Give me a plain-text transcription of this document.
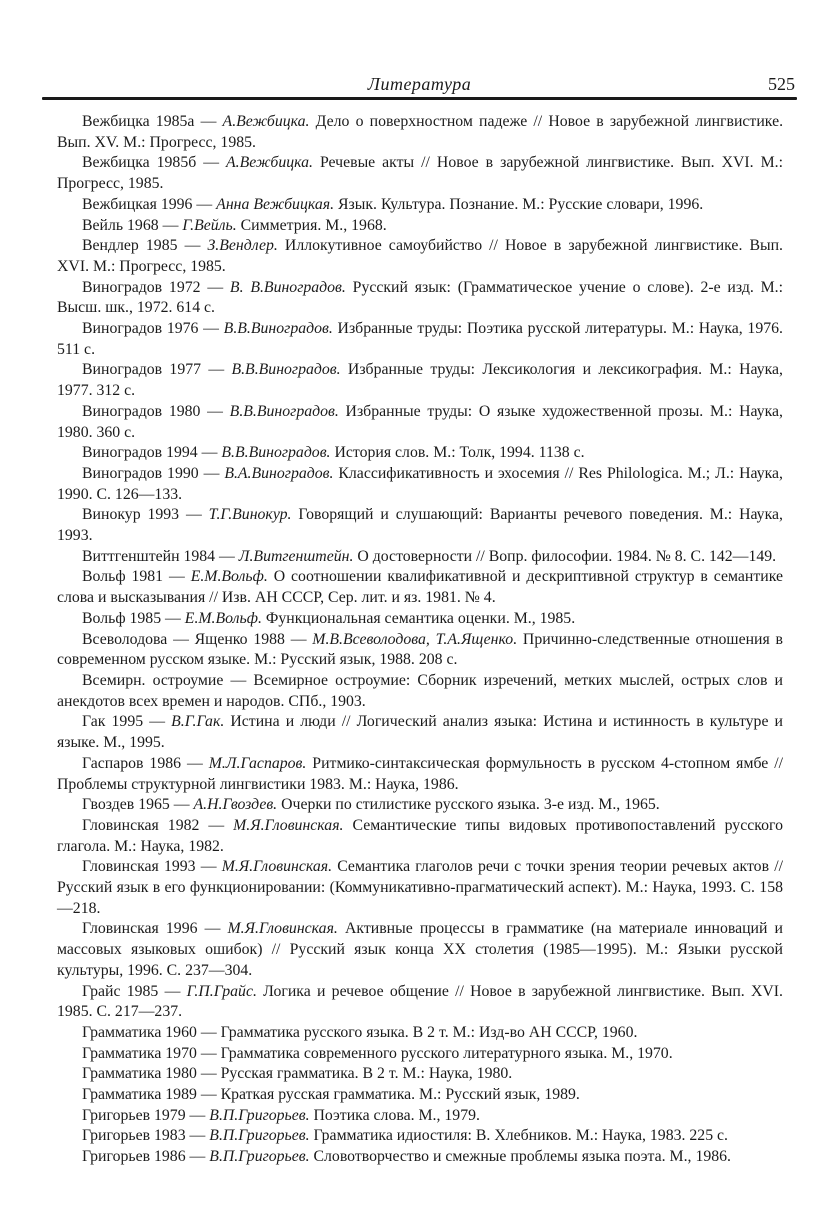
Литература	525

Вежбицка 1985а — А.Вежбицка. Дело о поверхностном падеже // Новое в зарубежной лингвистике. Вып. XV. М.: Прогресс, 1985.

Вежбицка 1985б — А.Вежбицка. Речевые акты // Новое в зарубежной лингвистике. Вып. XVI. М.: Прогресс, 1985.

Вежбицкая 1996 — Анна Вежбицкая. Язык. Культура. Познание. М.: Русские словари, 1996.

Вейль 1968 — Г.Вейль. Симметрия. М., 1968.

Вендлер 1985 — З.Вендлер. Иллокутивное самоубийство // Новое в зарубежной лингвистике. Вып. XVI. М.: Прогресс, 1985.

Виноградов 1972 — В. В.Виноградов. Русский язык: (Грамматическое учение о слове). 2-е изд. М.: Высш. шк., 1972. 614 с.

Виноградов 1976 — В.В.Виноградов. Избранные труды: Поэтика русской литературы. М.: Наука, 1976. 511 с.

Виноградов 1977 — В.В.Виноградов. Избранные труды: Лексикология и лексикография. М.: Наука, 1977. 312 с.

Виноградов 1980 — В.В.Виноградов. Избранные труды: О языке художественной прозы. М.: Наука, 1980. 360 с.

Виноградов 1994 — В.В.Виноградов. История слов. М.: Толк, 1994. 1138 с.

Виноградов 1990 — В.А.Виноградов. Классификативность и эхосемия // Res Philologica. М.; Л.: Наука, 1990. С. 126—133.

Винокур 1993 — Т.Г.Винокур. Говорящий и слушающий: Варианты речевого поведения. М.: Наука, 1993.

Виттгенштейн 1984 — Л.Витгенштейн. О достоверности // Вопр. философии. 1984. № 8. С. 142—149.

Вольф 1981 — Е.М.Вольф. О соотношении квалификативной и дескриптивной структур в семантике слова и высказывания // Изв. АН СССР, Сер. лит. и яз. 1981. № 4.

Вольф 1985 — Е.М.Вольф. Функциональная семантика оценки. М., 1985.

Всеволодова — Ященко 1988 — М.В.Всеволодова, Т.А.Ященко. Причинно-следственные отношения в современном русском языке. М.: Русский язык, 1988. 208 с.

Всемирн. остроумие — Всемирное остроумие: Сборник изречений, метких мыслей, острых слов и анекдотов всех времен и народов. СПб., 1903.

Гак 1995 — В.Г.Гак. Истина и люди // Логический анализ языка: Истина и истинность в культуре и языке. М., 1995.

Гаспаров 1986 — М.Л.Гаспаров. Ритмико-синтаксическая формульность в русском 4-стопном ямбе // Проблемы структурной лингвистики 1983. М.: Наука, 1986.

Гвоздев 1965 — А.Н.Гвоздев. Очерки по стилистике русского языка. 3-е изд. М., 1965.

Гловинская 1982 — М.Я.Гловинская. Семантические типы видовых противопоставлений русского глагола. М.: Наука, 1982.

Гловинская 1993 — М.Я.Гловинская. Семантика глаголов речи с точки зрения теории речевых актов // Русский язык в его функционировании: (Коммуникативно-прагматический аспект). М.: Наука, 1993. С. 158—218.

Гловинская 1996 — М.Я.Гловинская. Активные процессы в грамматике (на материале инноваций и массовых языковых ошибок) // Русский язык конца XX столетия (1985—1995). М.: Языки русской культуры, 1996. С. 237—304.

Грайс 1985 — Г.П.Грайс. Логика и речевое общение // Новое в зарубежной лингвистике. Вып. XVI. 1985. С. 217—237.

Грамматика 1960 — Грамматика русского языка. В 2 т. М.: Изд-во АН СССР, 1960.

Грамматика 1970 — Грамматика современного русского литературного языка. М., 1970.

Грамматика 1980 — Русская грамматика. В 2 т. М.: Наука, 1980.

Грамматика 1989 — Краткая русская грамматика. М.: Русский язык, 1989.

Григорьев 1979 — В.П.Григорьев. Поэтика слова. М., 1979.

Григорьев 1983 — В.П.Григорьев. Грамматика идиостиля: В. Хлебников. М.: Наука, 1983. 225 с.

Григорьев 1986 — В.П.Григорьев. Словотворчество и смежные проблемы языка поэта. М., 1986.
